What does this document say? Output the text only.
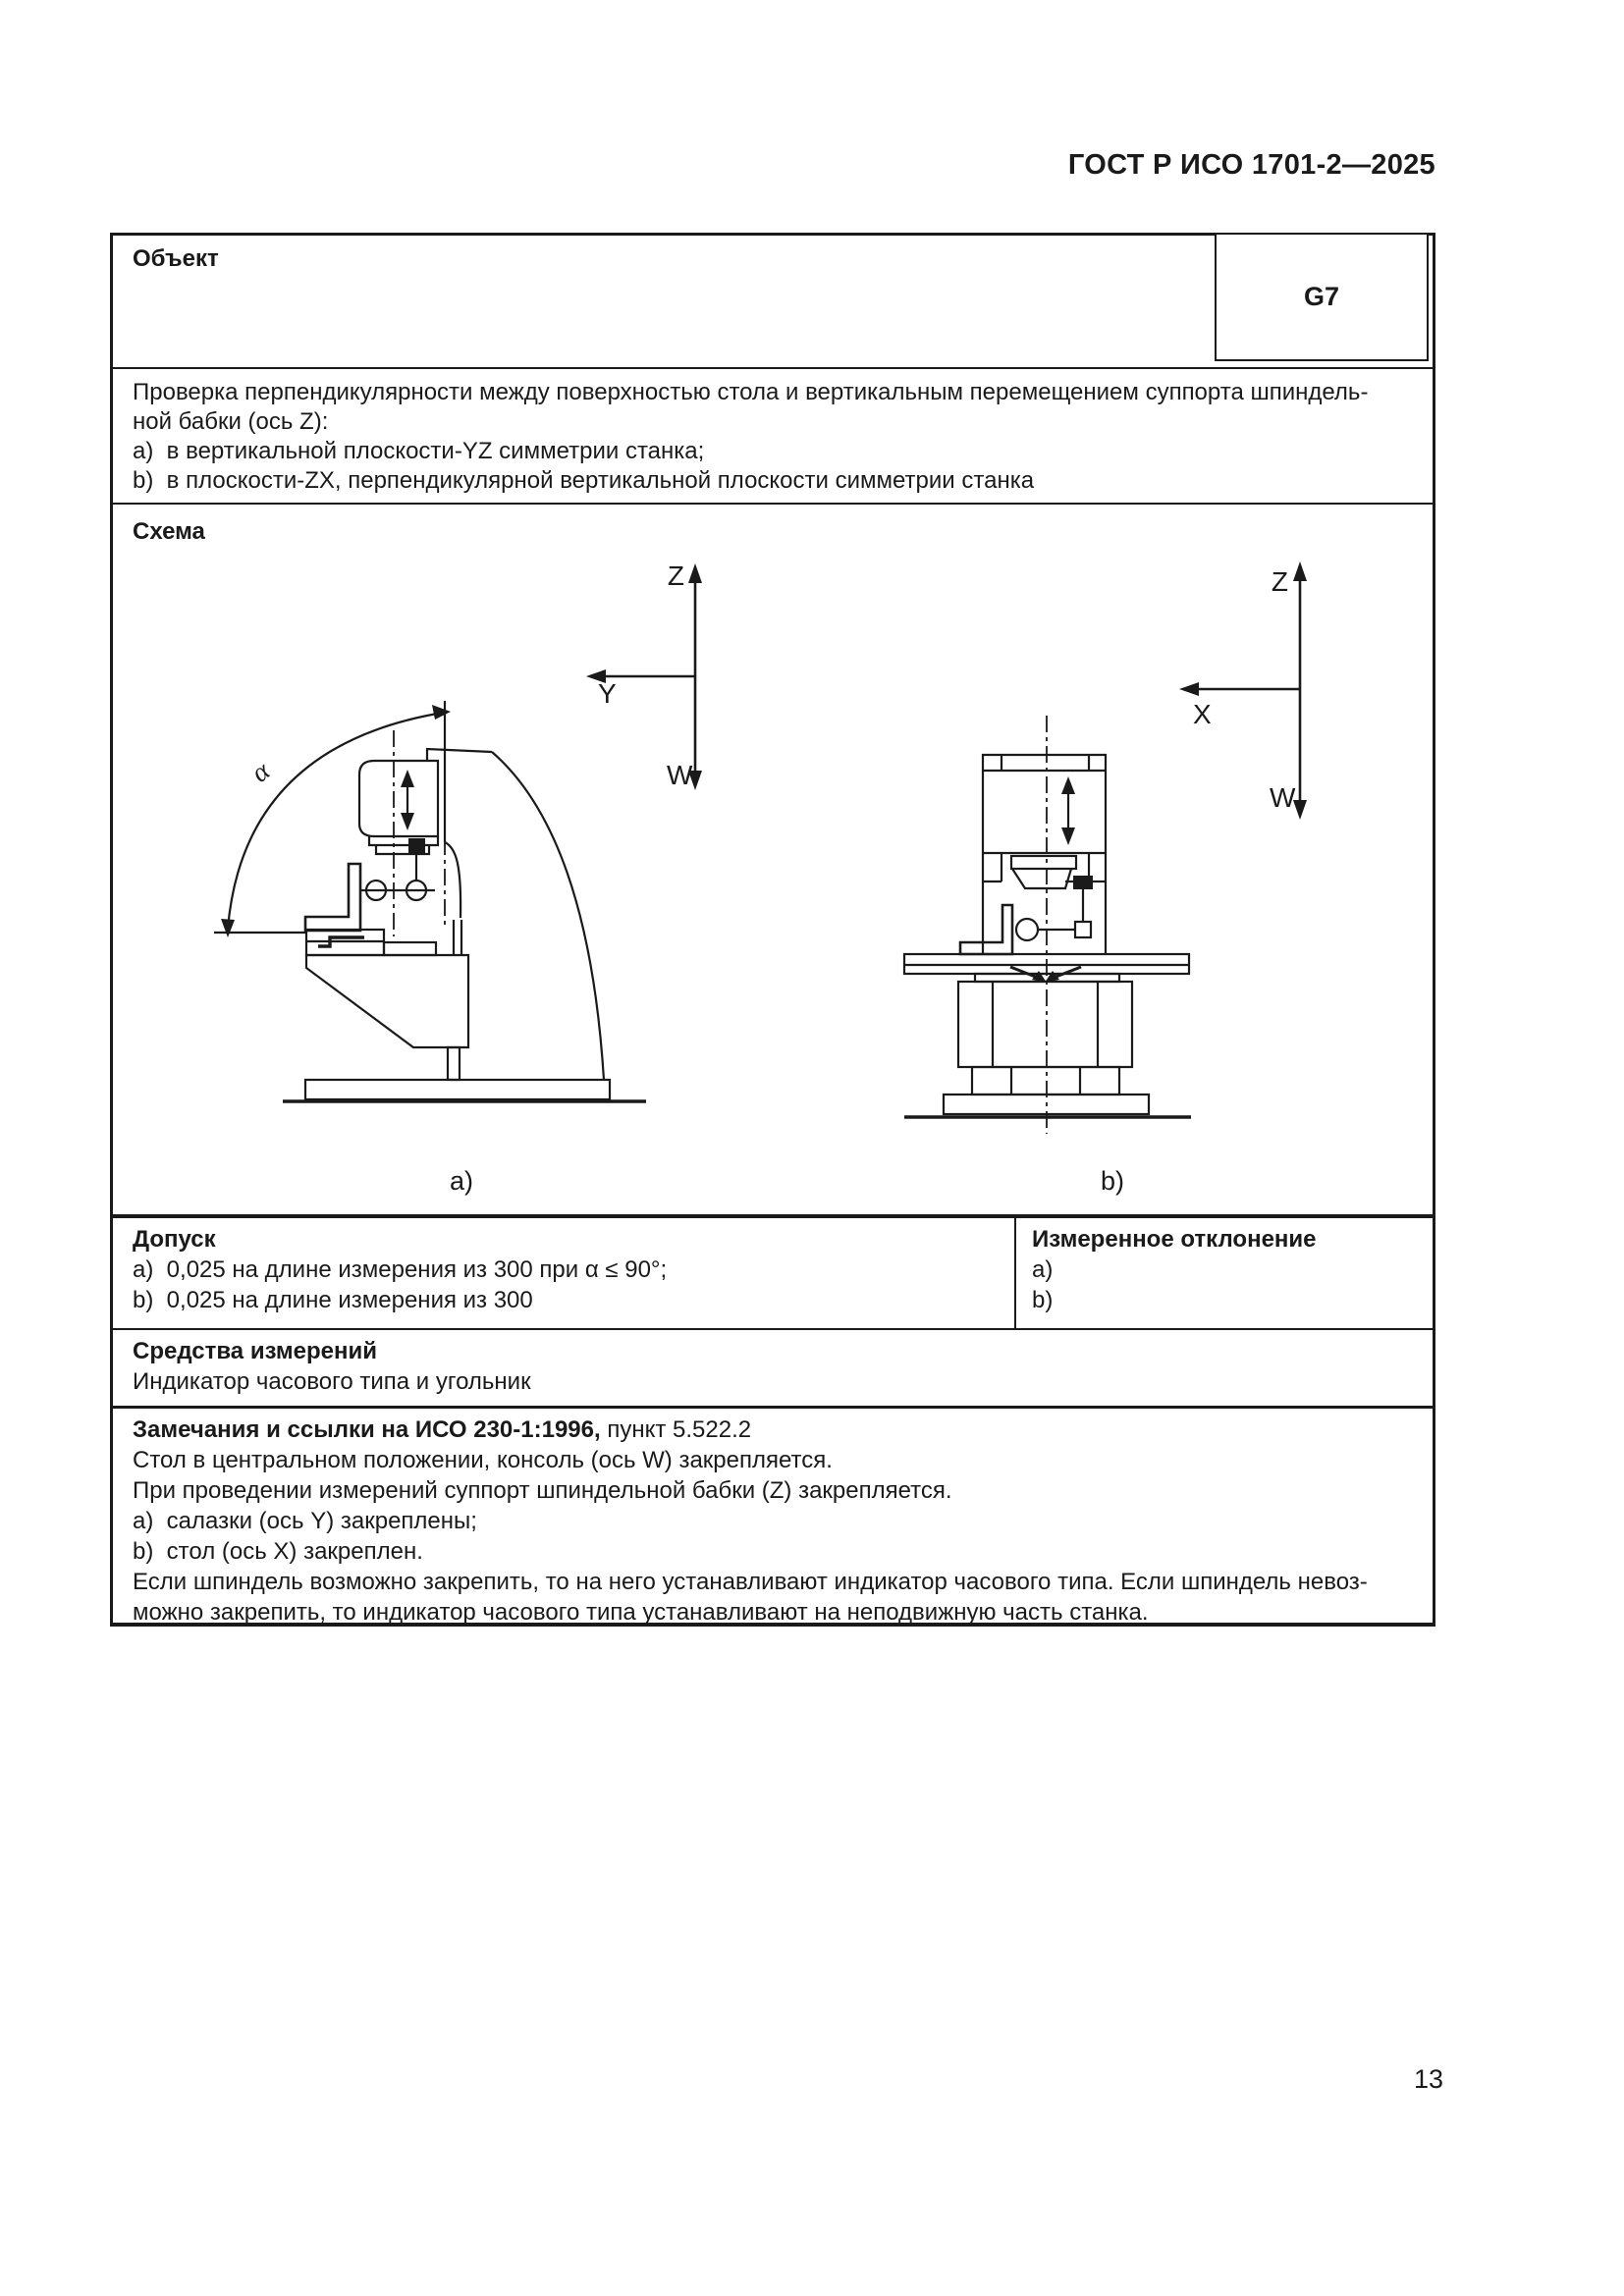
ГОСТ Р ИСО 1701-2—2025
Объект
G7
Проверка перпендикулярности между поверхностью стола и вертикальным перемещением суппорта шпиндель-
ной бабки (ось Z):
a)  в вертикальной плоскости-YZ симметрии станка;
b)  в плоскости-ZX, перпендикулярной вертикальной плоскости симметрии станка
Схема
Z
Y
W
Z
X
W
α
a)	b)
Допуск
a)  0,025 на длине измерения из 300 при α ≤ 90°;
b)  0,025 на длине измерения из 300
Измеренное отклонение
a)
b)
Средства измерений
Индикатор часового типа и угольник
Замечания и ссылки на ИСО 230-1:1996, пункт 5.522.2
Стол в центральном положении, консоль (ось W) закрепляется.
При проведении измерений суппорт шпиндельной бабки (Z) закрепляется.
a)  салазки (ось Y) закреплены;
b)  стол (ось X) закреплен.
Если шпиндель возможно закрепить, то на него устанавливают индикатор часового типа. Если шпиндель невоз-
можно закрепить, то индикатор часового типа устанавливают на неподвижную часть станка.
13
